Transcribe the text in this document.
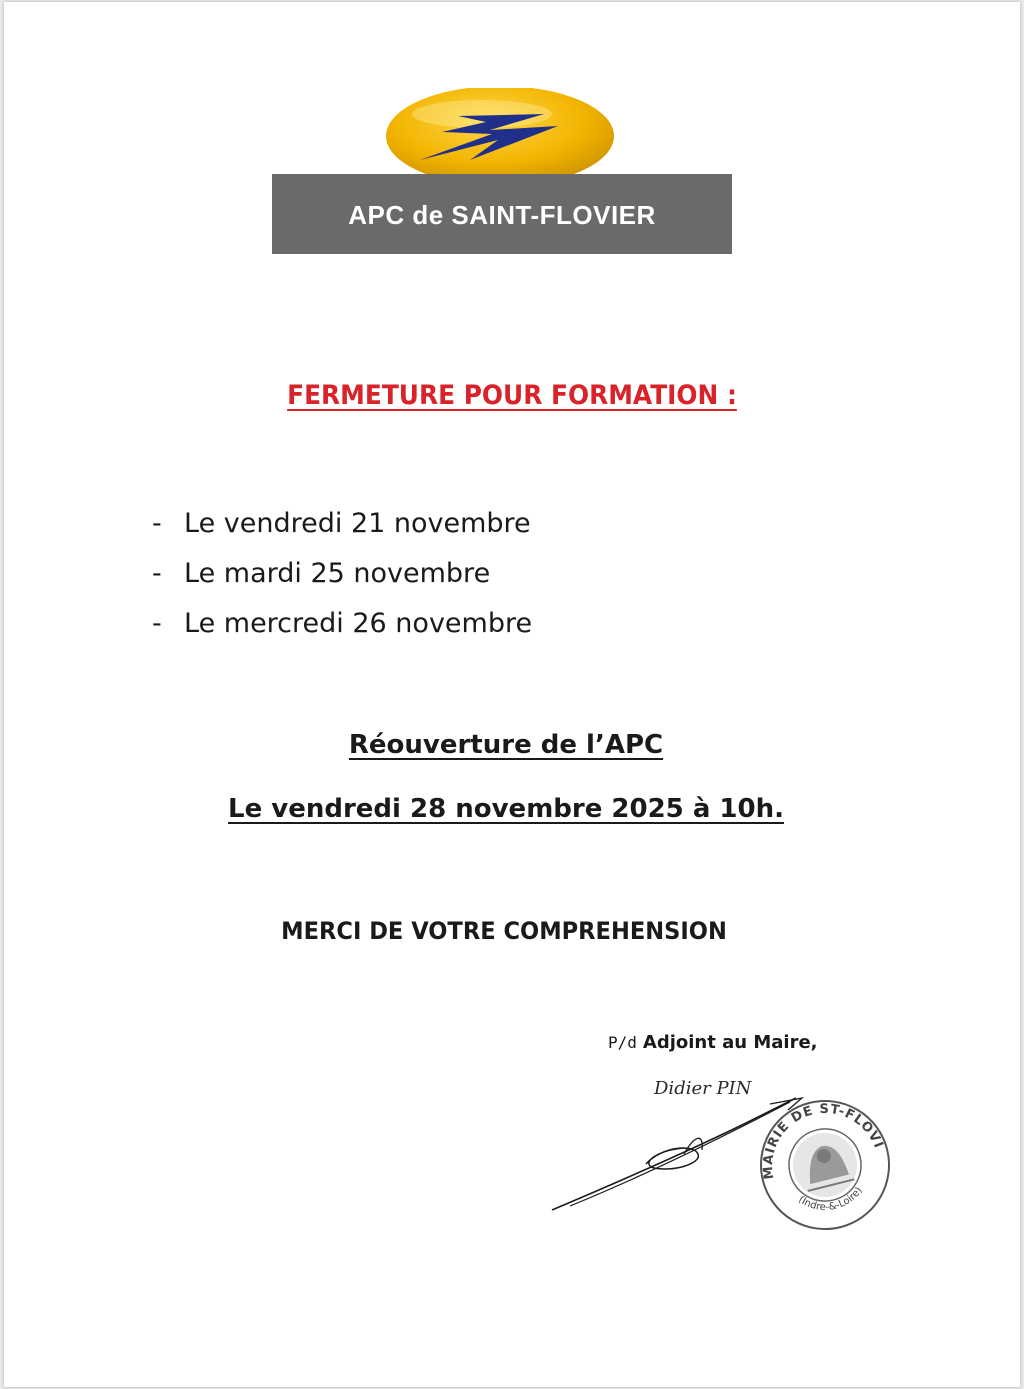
APC de SAINT-FLOVIER
FERMETURE POUR FORMATION :
- Le vendredi 21 novembre
- Le mardi 25 novembre
- Le mercredi 26 novembre
Réouverture de l’APC
Le vendredi 28 novembre 2025 à 10h.
MERCI DE VOTRE COMPREHENSION
P/d Adjoint au Maire,
Didier PIN
MAIRIE DE ST-FLOVIER
(Indre-&-Loire)
